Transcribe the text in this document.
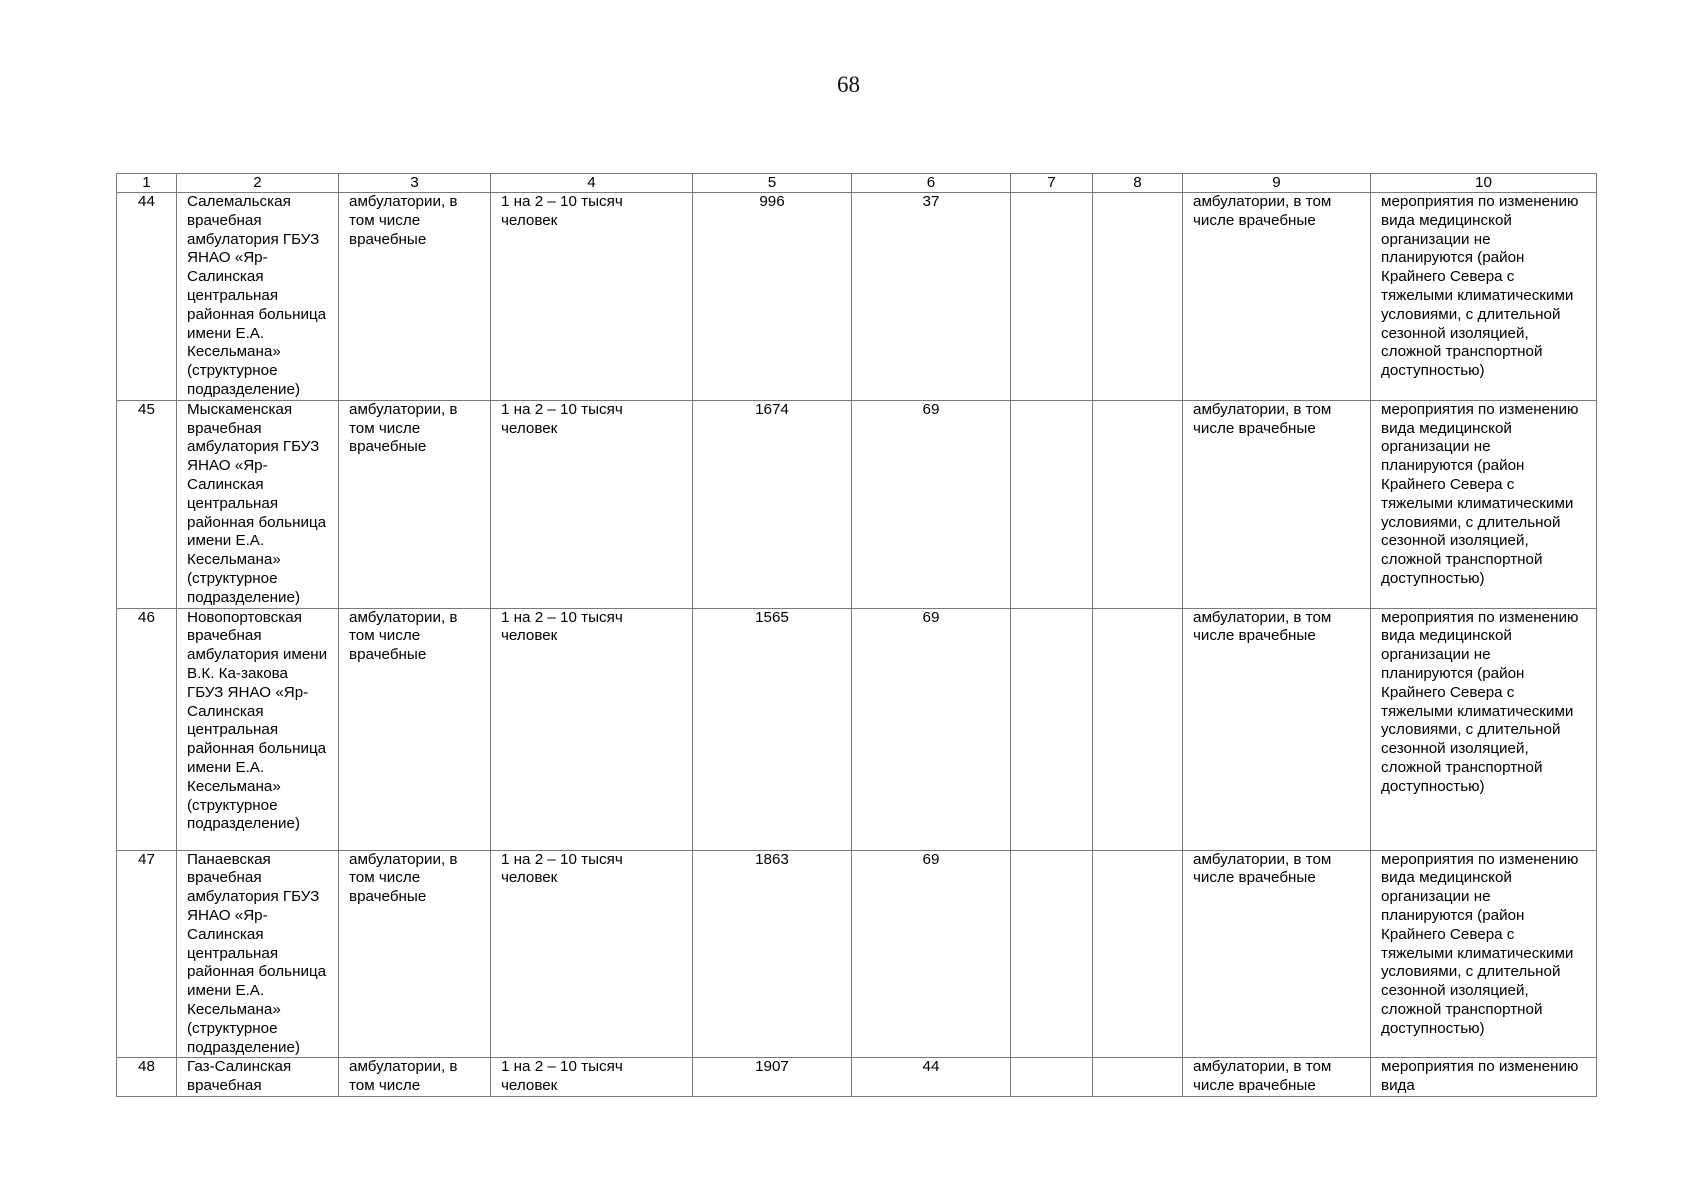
68
1	2	3	4	5	6	7	8	9	10
44	Салемальская врачебная амбулатория ГБУЗ ЯНАО «Яр-Салинская центральная районная больница имени Е.А. Кесельмана» (структурное подразделение)	амбулатории, в том числе врачебные	1 на 2 – 10 тысяч человек	996	37			амбулатории, в том числе врачебные	мероприятия по изменению вида медицинской организации не планируются (район Крайнего Севера с тяжелыми климатическими условиями, с длительной сезонной изоляцией, сложной транспортной доступностью)
45	Мыскаменская врачебная амбулатория ГБУЗ ЯНАО «Яр-Салинская центральная районная больница имени Е.А. Кесельмана» (структурное подразделение)	амбулатории, в том числе врачебные	1 на 2 – 10 тысяч человек	1674	69			амбулатории, в том числе врачебные	мероприятия по изменению вида медицинской организации не планируются (район Крайнего Севера с тяжелыми климатическими условиями, с длительной сезонной изоляцией, сложной транспортной доступностью)
46	Новопортовская врачебная амбулатория имени В.К. Ка-закова ГБУЗ ЯНАО «Яр-Салинская центральная районная больница имени Е.А. Кесельмана» (структурное подразделение)	амбулатории, в том числе врачебные	1 на 2 – 10 тысяч человек	1565	69			амбулатории, в том числе врачебные	мероприятия по изменению вида медицинской организации не планируются (район Крайнего Севера с тяжелыми климатическими условиями, с длительной сезонной изоляцией, сложной транспортной доступностью)
47	Панаевская врачебная амбулатория ГБУЗ ЯНАО «Яр-Салинская центральная районная больница имени Е.А. Кесельмана» (структурное подразделение)	амбулатории, в том числе врачебные	1 на 2 – 10 тысяч человек	1863	69			амбулатории, в том числе врачебные	мероприятия по изменению вида медицинской организации не планируются (район Крайнего Севера с тяжелыми климатическими условиями, с длительной сезонной изоляцией, сложной транспортной доступностью)
48	Газ-Салинская врачебная	амбулатории, в том числе	1 на 2 – 10 тысяч человек	1907	44			амбулатории, в том числе врачебные	мероприятия по изменению вида
